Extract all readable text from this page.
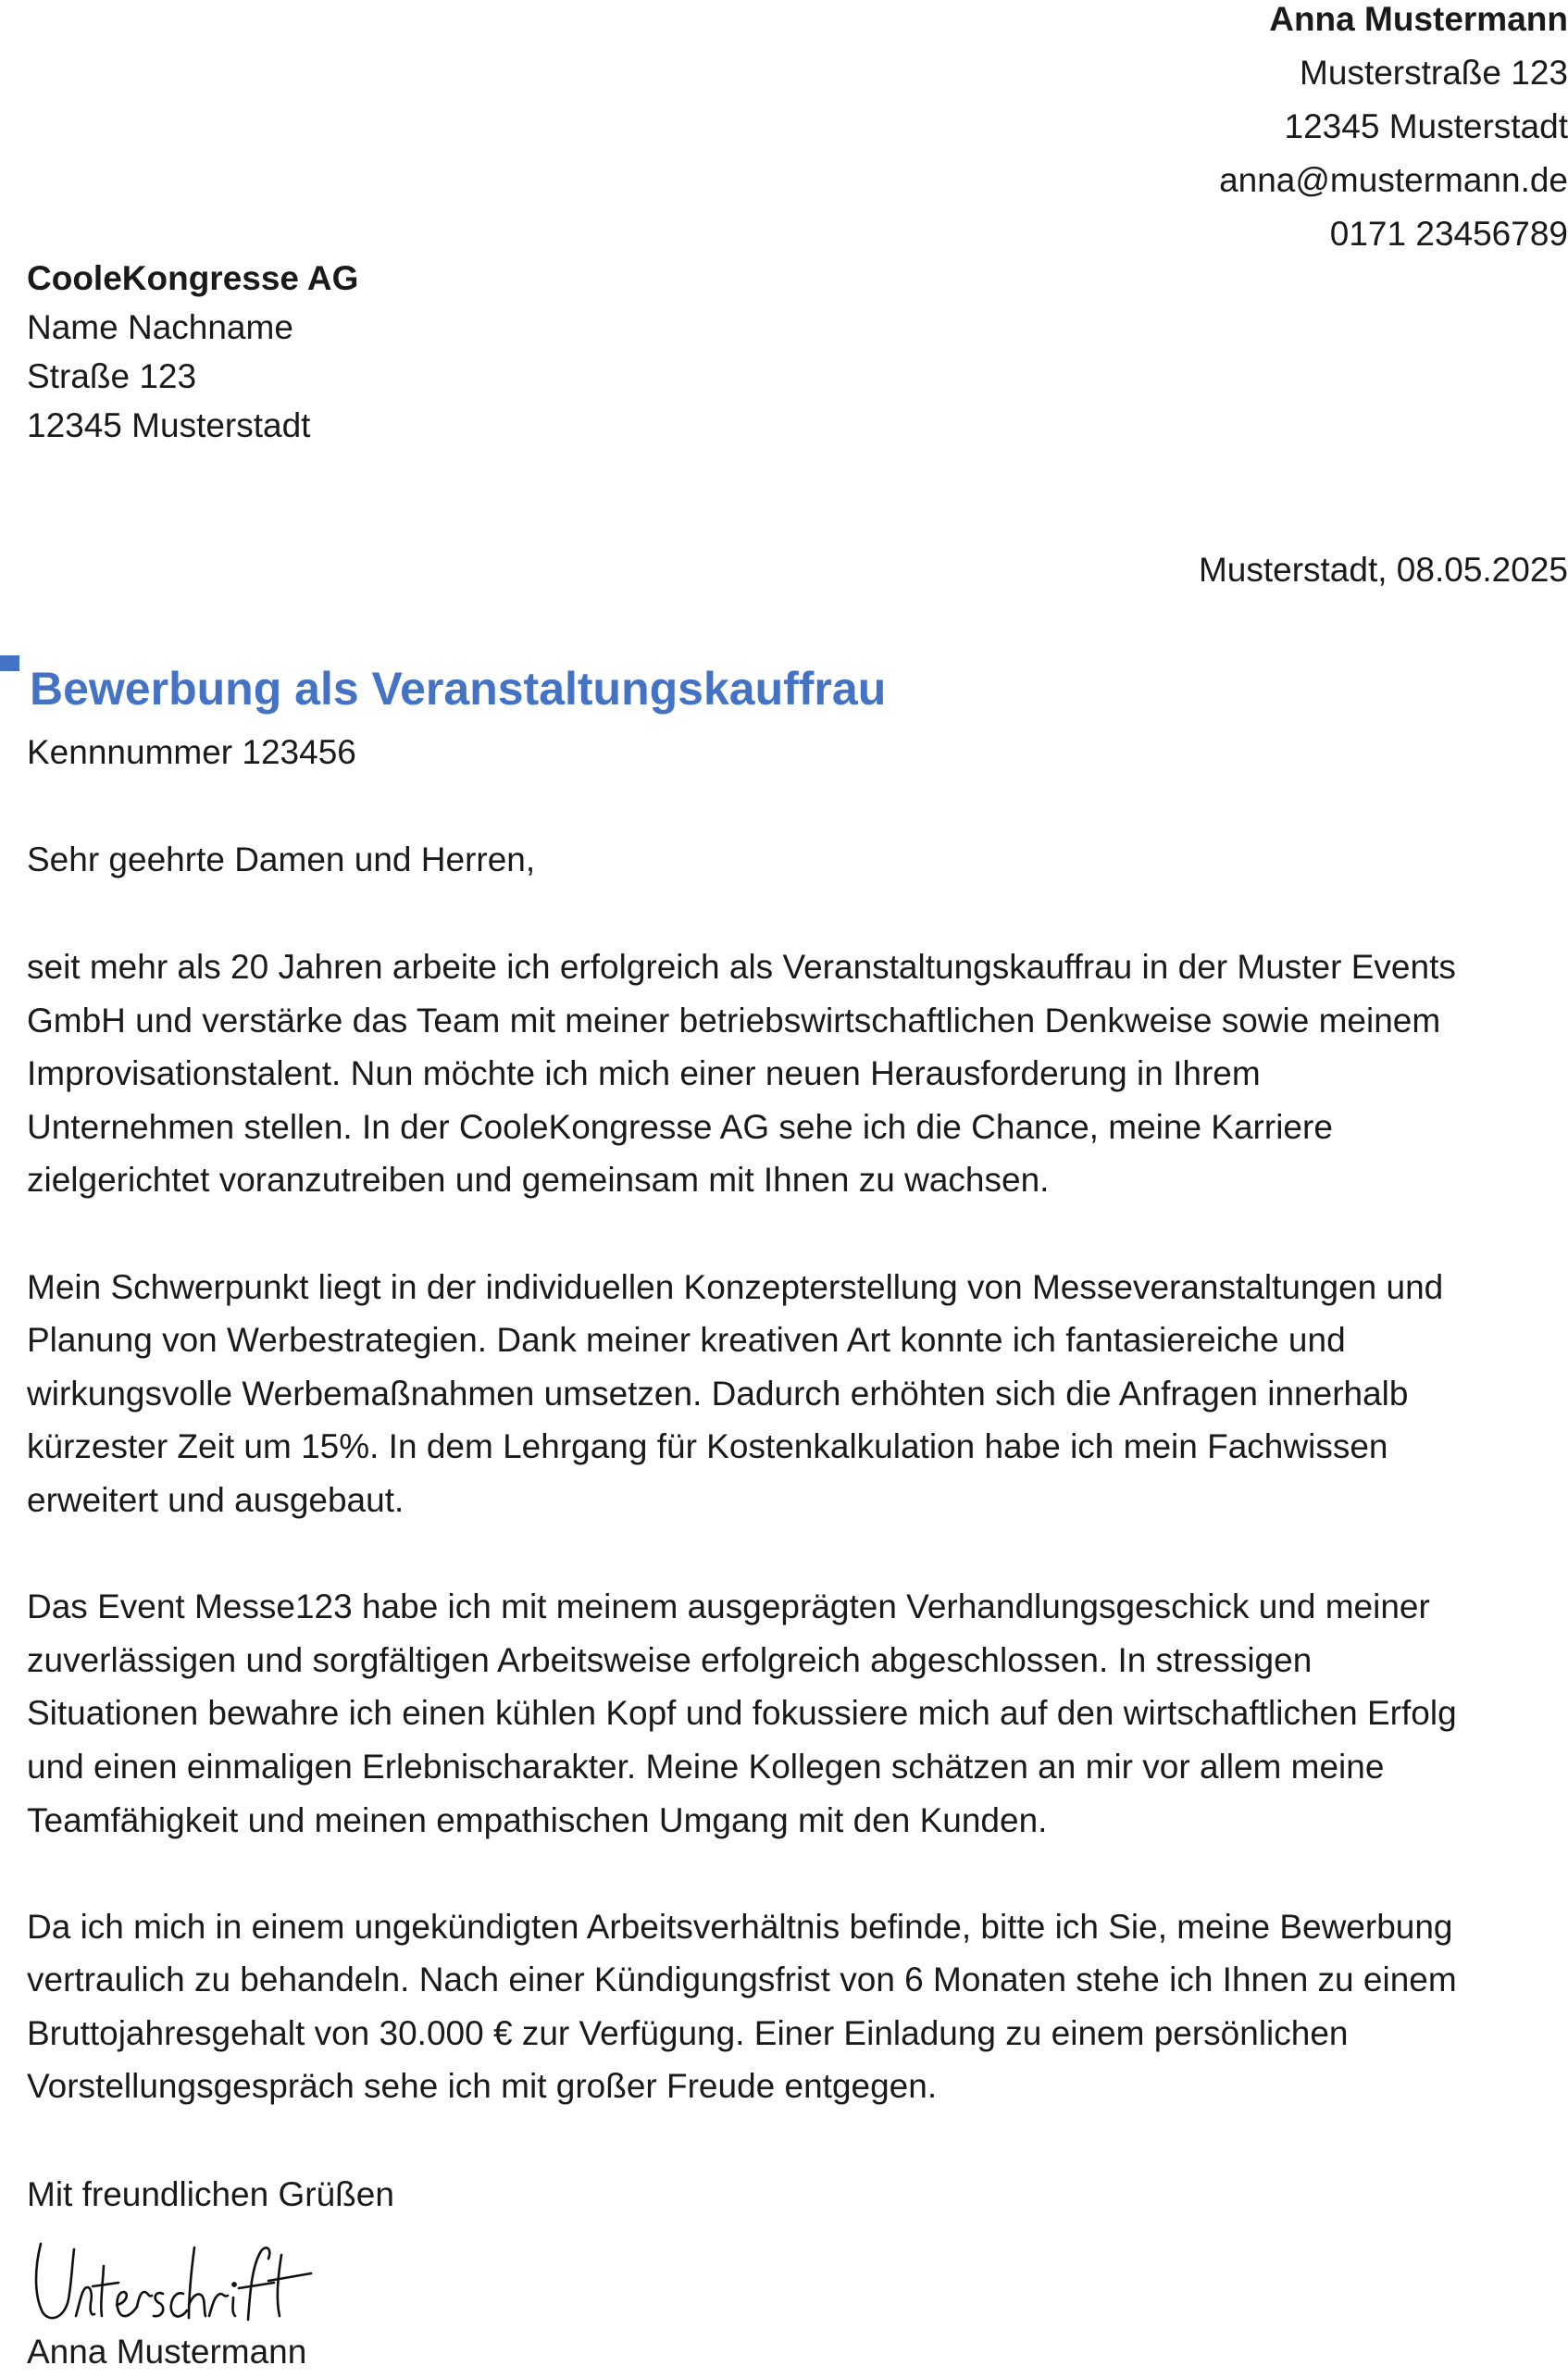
Anna Mustermann
Musterstraße 123
12345 Musterstadt
anna@mustermann.de
0171 23456789
CooleKongresse AG
Name Nachname
Straße 123
12345 Musterstadt
Musterstadt, 08.05.2025
Bewerbung als Veranstaltungskauffrau
Kennnummer 123456
Sehr geehrte Damen und Herren,

seit mehr als 20 Jahren arbeite ich erfolgreich als Veranstaltungskauffrau in der Muster Events
GmbH und verstärke das Team mit meiner betriebswirtschaftlichen Denkweise sowie meinem
Improvisationstalent. Nun möchte ich mich einer neuen Herausforderung in Ihrem
Unternehmen stellen. In der CooleKongresse AG sehe ich die Chance, meine Karriere
zielgerichtet voranzutreiben und gemeinsam mit Ihnen zu wachsen.

Mein Schwerpunkt liegt in der individuellen Konzepterstellung von Messeveranstaltungen und
Planung von Werbestrategien. Dank meiner kreativen Art konnte ich fantasiereiche und
wirkungsvolle Werbemaßnahmen umsetzen. Dadurch erhöhten sich die Anfragen innerhalb
kürzester Zeit um 15%. In dem Lehrgang für Kostenkalkulation habe ich mein Fachwissen
erweitert und ausgebaut.

Das Event Messe123 habe ich mit meinem ausgeprägten Verhandlungsgeschick und meiner
zuverlässigen und sorgfältigen Arbeitsweise erfolgreich abgeschlossen. In stressigen
Situationen bewahre ich einen kühlen Kopf und fokussiere mich auf den wirtschaftlichen Erfolg
und einen einmaligen Erlebnischarakter. Meine Kollegen schätzen an mir vor allem meine
Teamfähigkeit und meinen empathischen Umgang mit den Kunden.

Da ich mich in einem ungekündigten Arbeitsverhältnis befinde, bitte ich Sie, meine Bewerbung
vertraulich zu behandeln. Nach einer Kündigungsfrist von 6 Monaten stehe ich Ihnen zu einem
Bruttojahresgehalt von 30.000 € zur Verfügung. Einer Einladung zu einem persönlichen
Vorstellungsgespräch sehe ich mit großer Freude entgegen.

Mit freundlichen Grüßen
Anna Mustermann
